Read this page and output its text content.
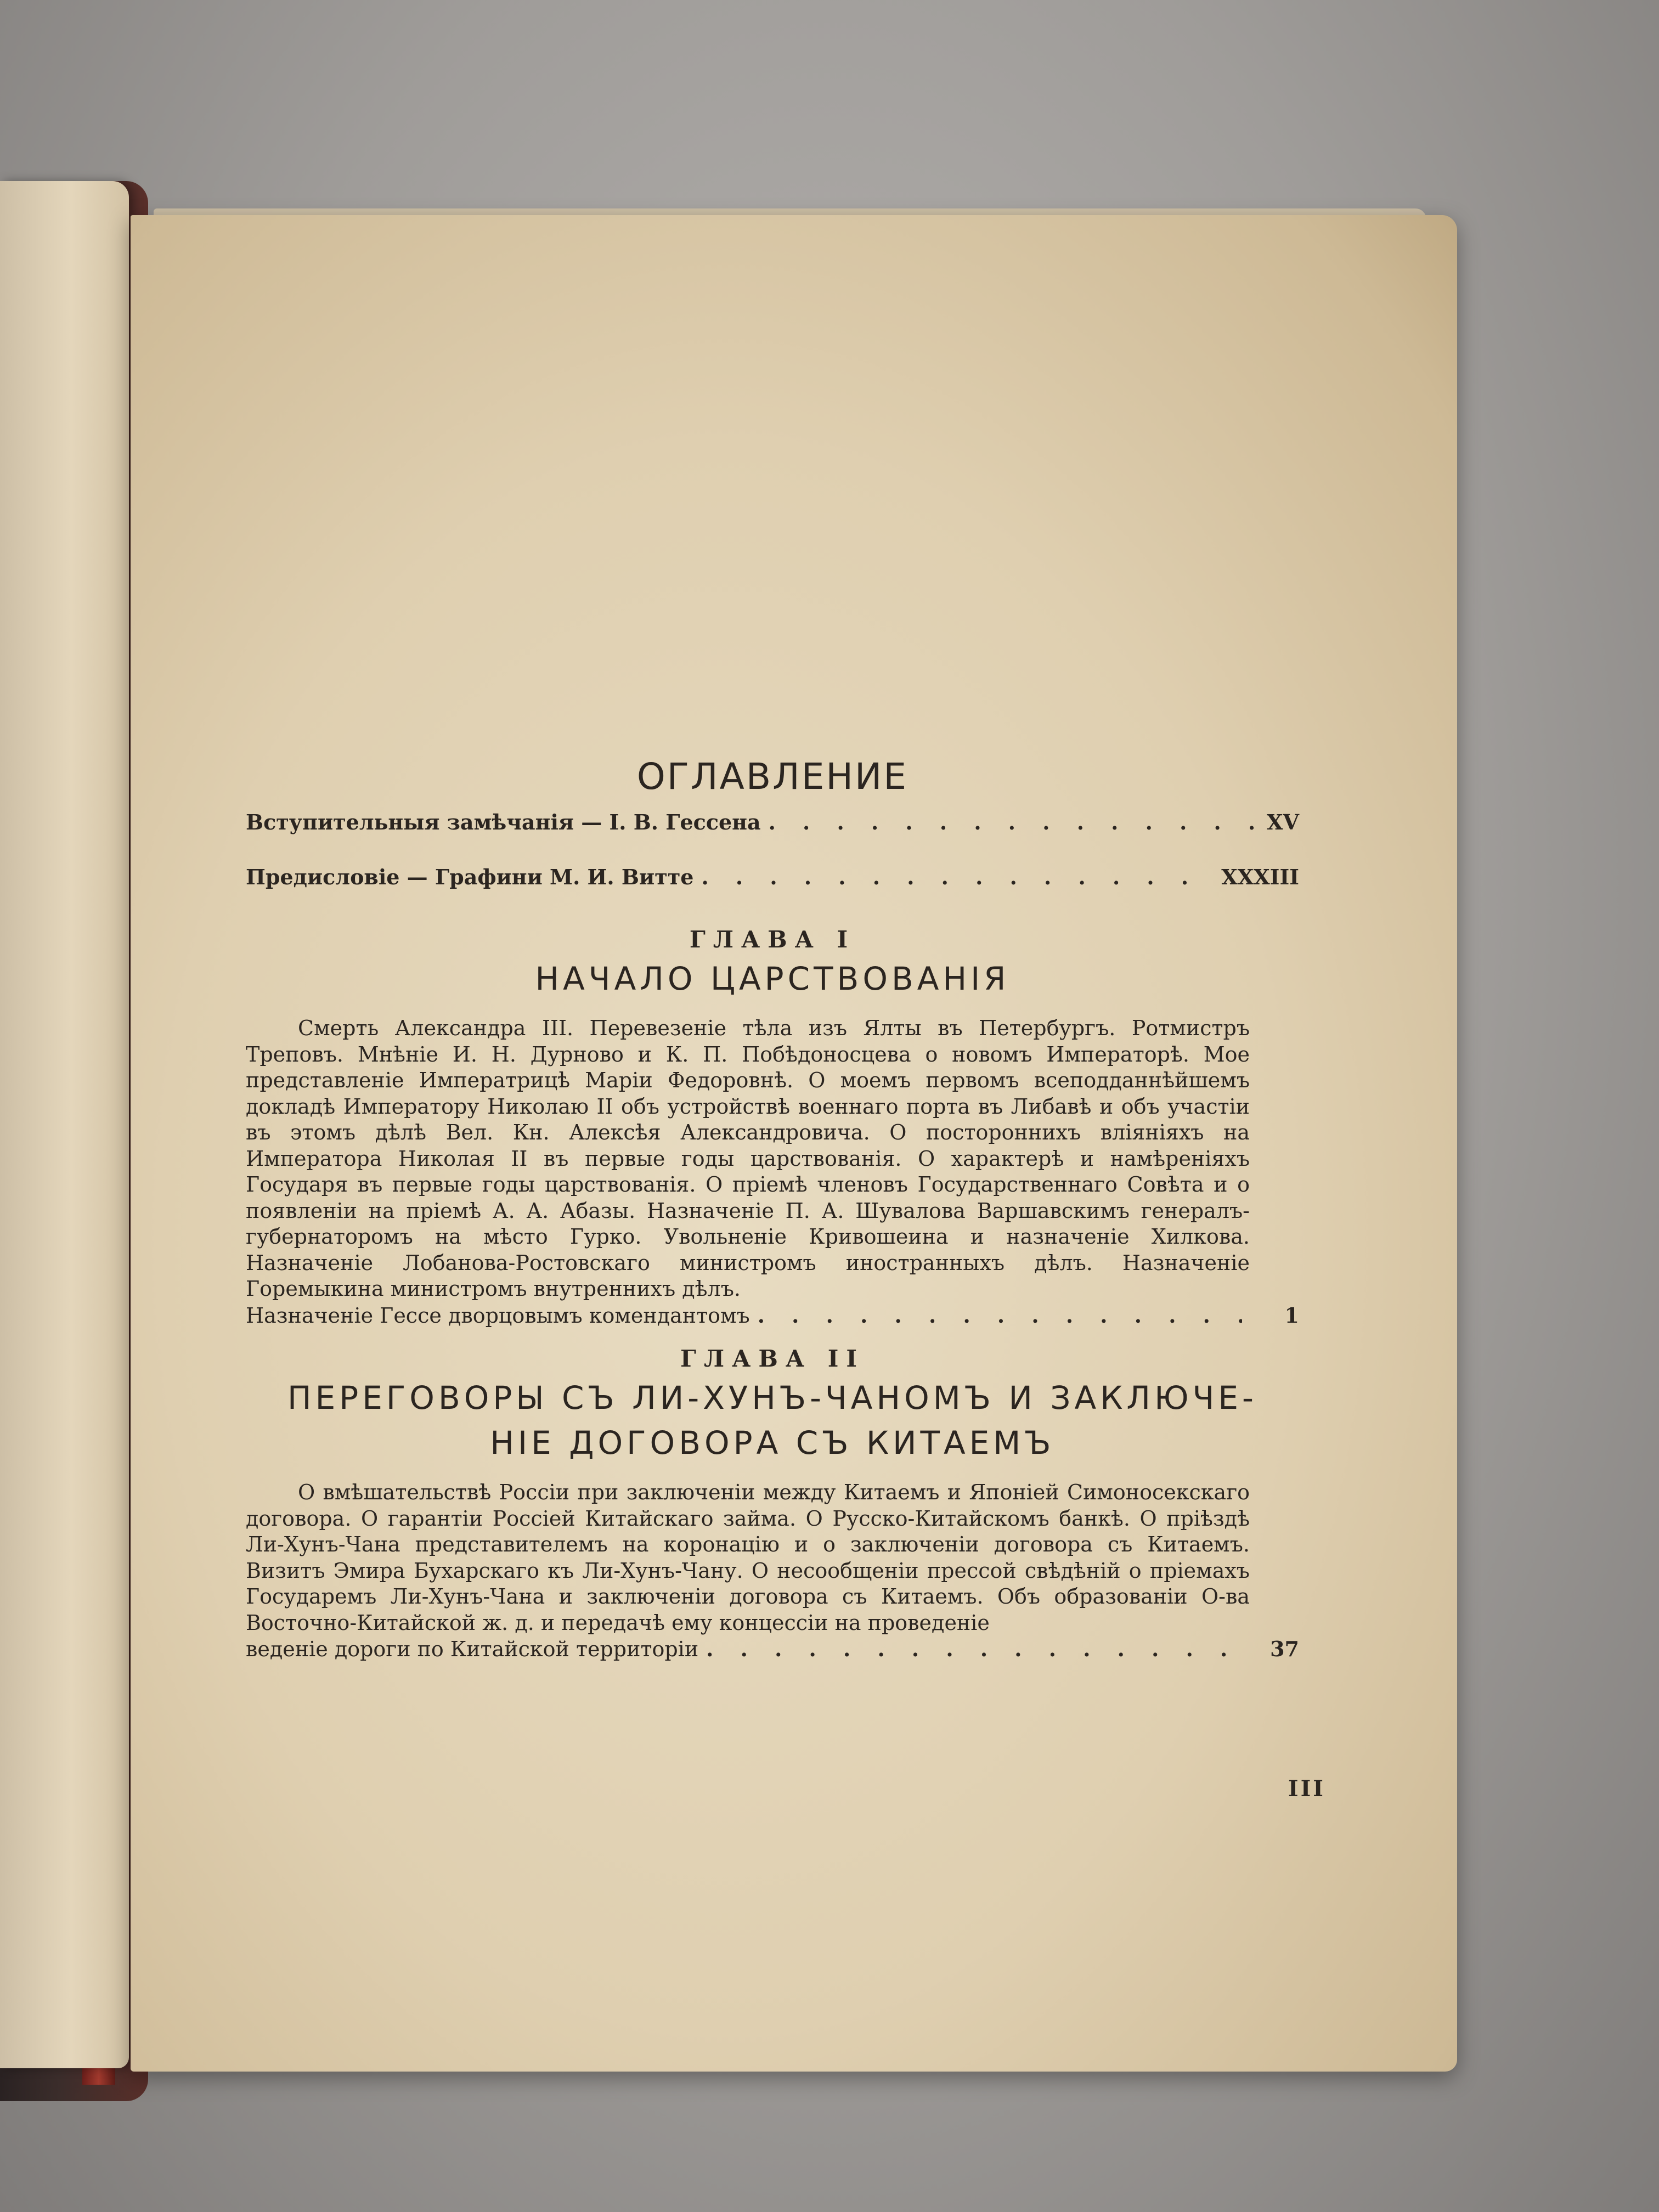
ОГЛАВЛЕНИЕ
Вступительныя замѣчанія — I. В. Гессена . . .	XV
Предисловіе — Графини М. И. Витте . . .	XXXIII
ГЛАВА I
НАЧАЛО ЦАРСТВОВАНІЯ

Смерть Александра III. Перевезеніе тѣла изъ Ялты въ Петербургъ. Ротмистръ Треповъ. Мнѣніе И. Н. Дурново и К. П. Побѣдоносцева о новомъ Императорѣ. Мое представленіе Императрицѣ Маріи Федоровнѣ. О моемъ первомъ всеподданнѣйшемъ докладѣ Императору Николаю II объ устройствѣ военнаго порта въ Либавѣ и объ участіи въ этомъ дѣлѣ Вел. Кн. Алексѣя Александровича. О постороннихъ вліяніяхъ на Императора Николая II въ первые годы царствованія. О характерѣ и намѣреніяхъ Государя въ первые годы царствованія. О пріемѣ членовъ Государственнаго Совѣта и о появленіи на пріемѣ А. А. Абазы. Назначеніе П. А. Шувалова Варшавскимъ генералъ-губернаторомъ на мѣсто Гурко. Увольненіе Кривошеина и назначеніе Хилкова. Назначеніе Лобанова-Ростовскаго министромъ иностранныхъ дѣлъ. Назначеніе Горемыкина министромъ внутреннихъ дѣлъ.

Назначеніе Гессе дворцовымъ комендантомъ . . .	1
ГЛАВА II
ПЕРЕГОВОРЫ СЪ ЛИ-ХУНЪ-ЧАНОМЪ И ЗАКЛЮЧЕ-
НІЕ ДОГОВОРА СЪ КИТАЕМЪ

О вмѣшательствѣ Россіи при заключеніи между Китаемъ и Японіей Симоносекскаго договора. О гарантіи Россіей Китайскаго займа. О Русско-Китайскомъ банкѣ. О пріѣздѣ Ли-Хунъ-Чана представителемъ на коронацію и о заключеніи договора съ Китаемъ. Визитъ Эмира Бухарскаго къ Ли-Хунъ-Чану. О несообщеніи прессой свѣдѣній о пріемахъ Государемъ Ли-Хунъ-Чана и заключеніи договора съ Китаемъ. Объ образованіи О-ва Восточно-Китайской ж. д. и передачѣ ему концессіи на проведеніе

веденіе дороги по Китайской территоріи . . .	37
III
